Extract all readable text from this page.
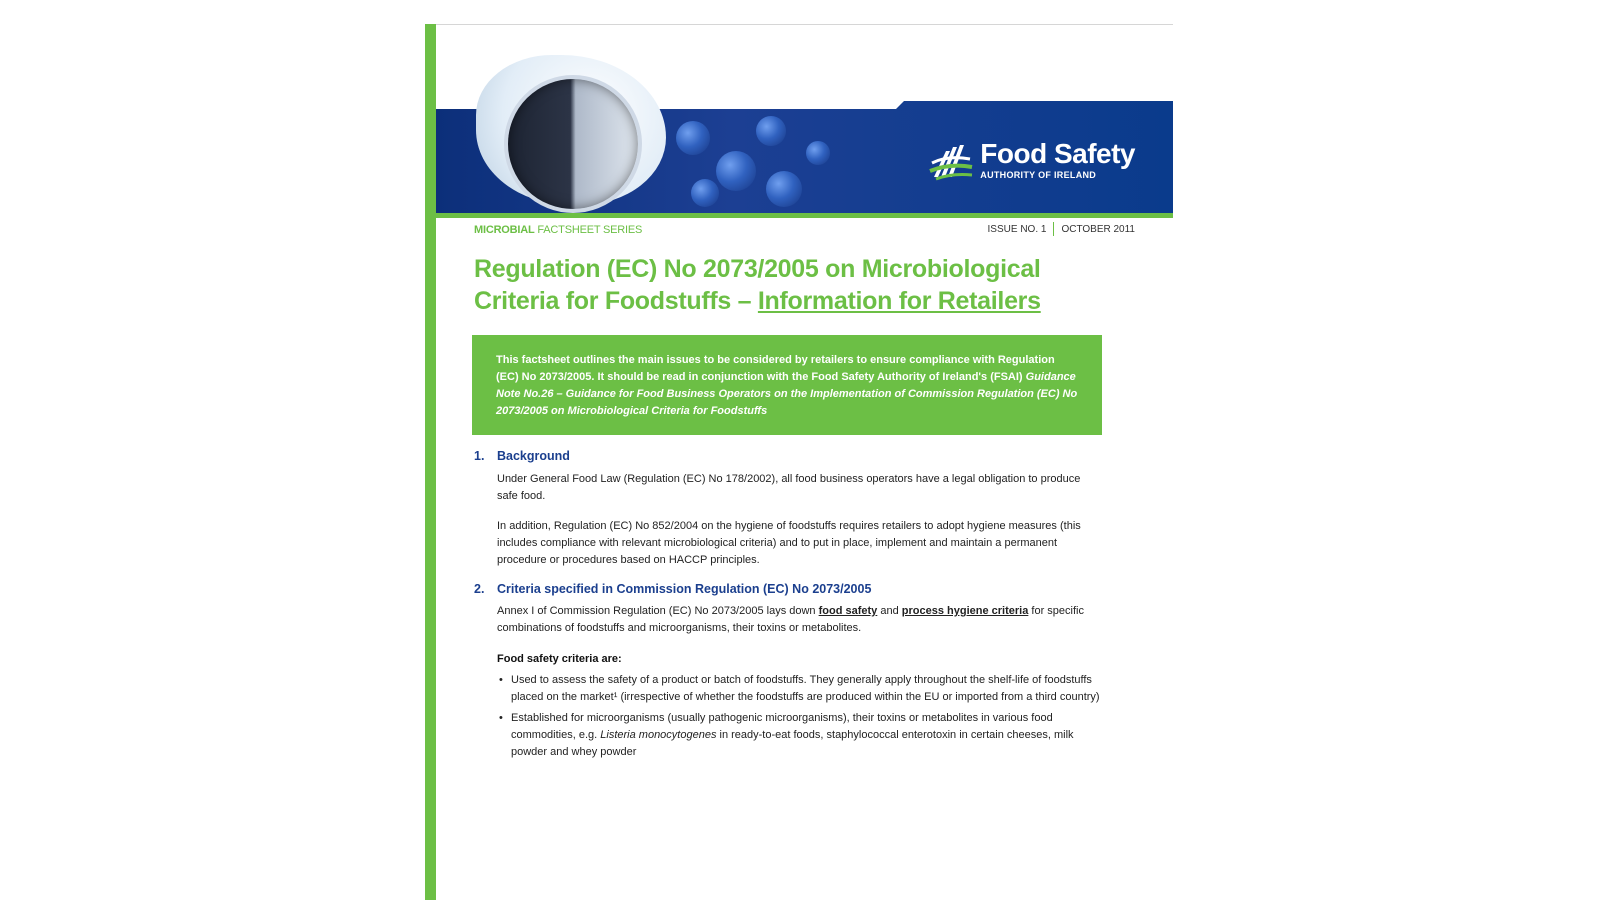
Food Safety
AUTHORITY OF IRELAND
MICROBIAL FACTSHEET SERIES	ISSUE NO. 1 OCTOBER 2011
Regulation (EC) No 2073/2005 on Microbiological
Criteria for Foodstuffs – Information for Retailers
This factsheet outlines the main issues to be considered by retailers to ensure compliance with Regulation (EC) No 2073/2005. It should be read in conjunction with the Food Safety Authority of Ireland's (FSAI) Guidance Note No.26 – Guidance for Food Business Operators on the Implementation of Commission Regulation (EC) No 2073/2005 on Microbiological Criteria for Foodstuffs
1. Background
Under General Food Law (Regulation (EC) No 178/2002), all food business operators have a legal obligation to produce safe food.
In addition, Regulation (EC) No 852/2004 on the hygiene of foodstuffs requires retailers to adopt hygiene measures (this includes compliance with relevant microbiological criteria) and to put in place, implement and maintain a permanent procedure or procedures based on HACCP principles.
2. Criteria specified in Commission Regulation (EC) No 2073/2005
Annex I of Commission Regulation (EC) No 2073/2005 lays down food safety and process hygiene criteria for specific combinations of foodstuffs and microorganisms, their toxins or metabolites.
Food safety criteria are:
• Used to assess the safety of a product or batch of foodstuffs. They generally apply throughout the shelf-life of foodstuffs placed on the market¹ (irrespective of whether the foodstuffs are produced within the EU or imported from a third country)
• Established for microorganisms (usually pathogenic microorganisms), their toxins or metabolites in various food commodities, e.g. Listeria monocytogenes in ready-to-eat foods, staphylococcal enterotoxin in certain cheeses, milk powder and whey powder
